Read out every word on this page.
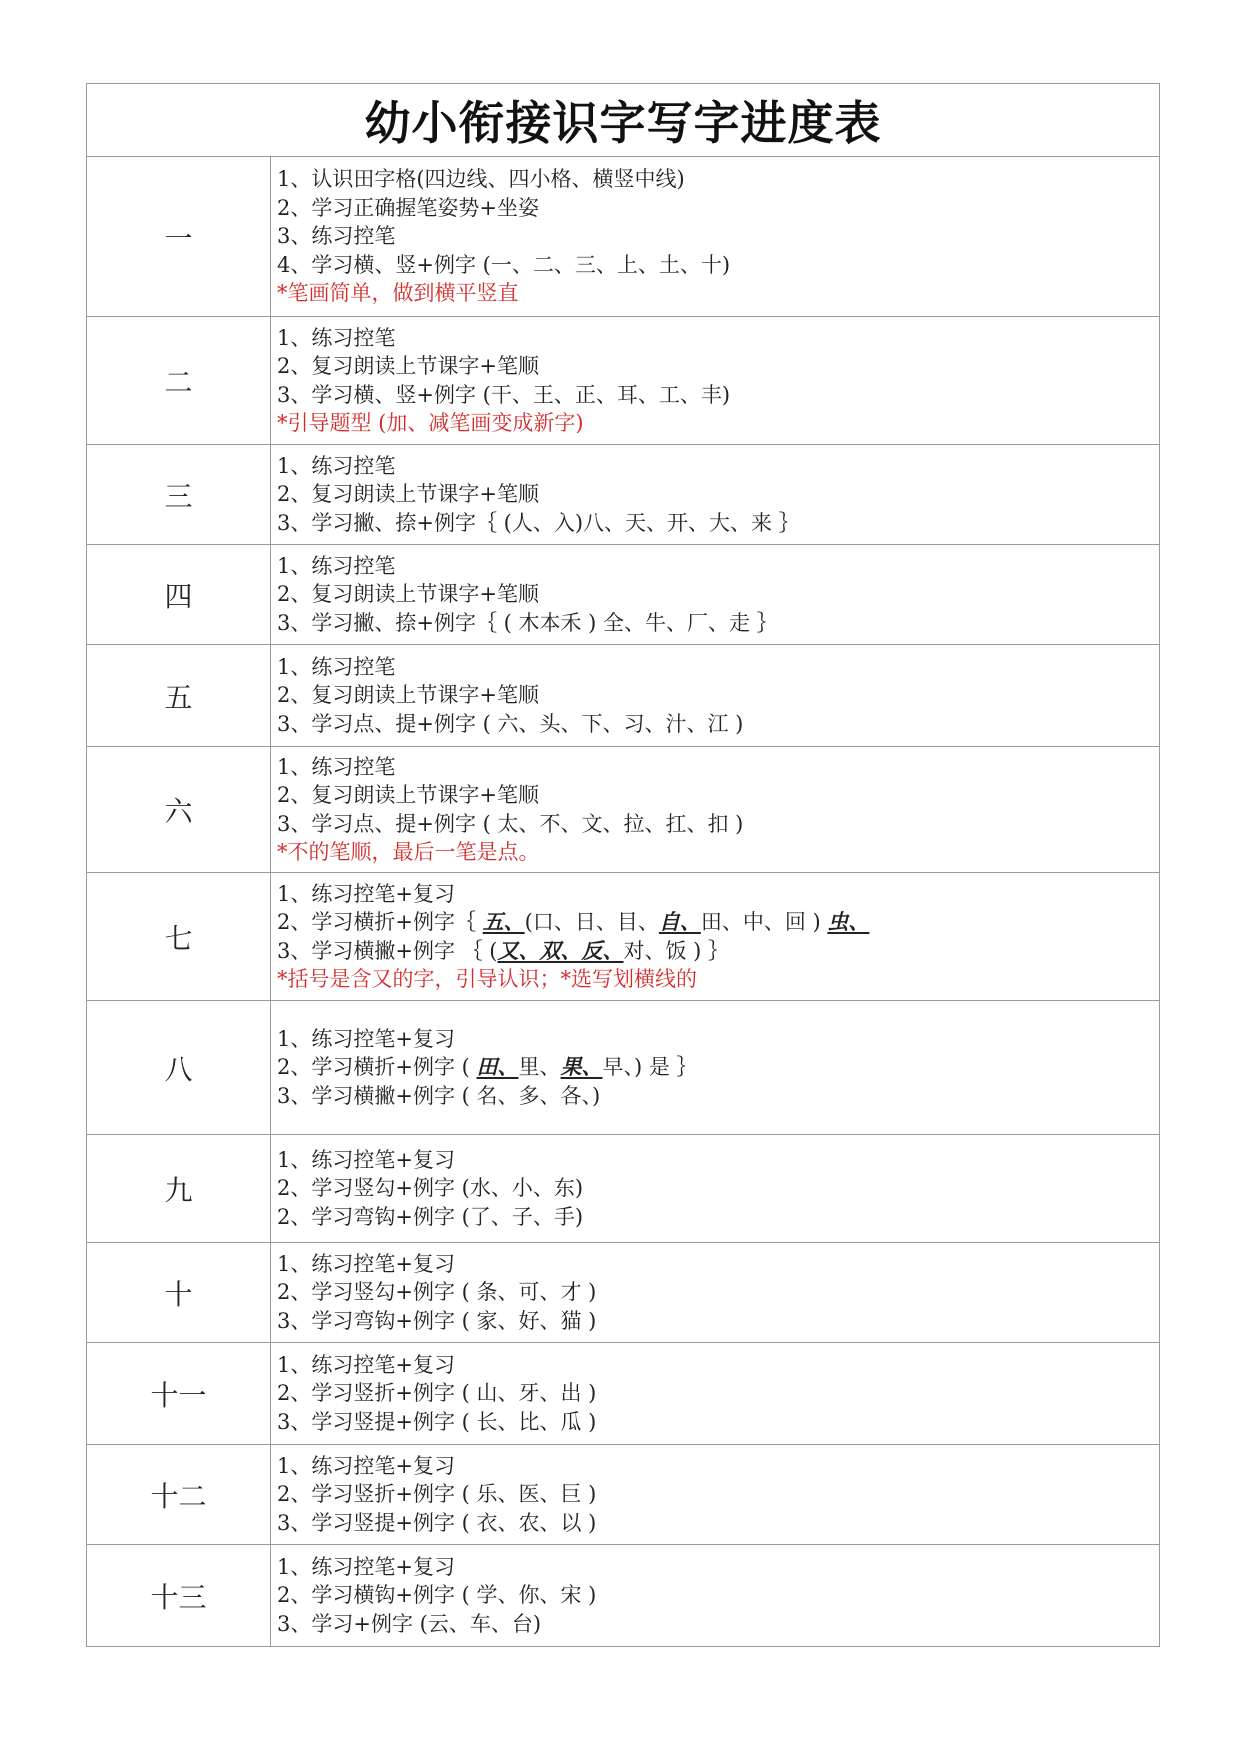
幼小衔接识字写字进度表	
一	1、认识田字格(四边线、四小格、横竖中线)
2、学习正确握笔姿势+坐姿
3、练习控笔
4、学习横、竖+例字 (一、二、三、上、土、十)
*笔画简单，做到横平竖直

二	1、练习控笔
2、复习朗读上节课字+笔顺
3、学习横、竖+例字 (干、王、正、耳、工、丰)
*引导题型 (加、减笔画变成新字)

三	1、练习控笔
2、复习朗读上节课字+笔顺
3、学习撇、捺+例字｛ (人、入)八、天、开、大、来 ｝

四	1、练习控笔
2、复习朗读上节课字+笔顺
3、学习撇、捺+例字｛ ( 木本禾 ) 全、牛、厂、走 ｝

五	1、练习控笔
2、复习朗读上节课字+笔顺
3、学习点、提+例字 ( 六、头、下、习、汁、江 )

六	1、练习控笔
2、复习朗读上节课字+笔顺
3、学习点、提+例字 ( 太、不、文、拉、扛、扣 )
*不的笔顺，最后一笔是点。

七	1、练习控笔+复习
2、学习横折+例字｛ 五、(口、日、目、自、田、中、回 ) 虫、
3、学习横撇+例字 ｛ (又、双、反、对、饭 ) ｝
*括号是含又的字，引导认识；*选写划横线的

八	1、练习控笔+复习
2、学习横折+例字 ( 田、里、果、早、) 是 ｝
3、学习横撇+例字 ( 名、多、各、)

九	1、练习控笔+复习
2、学习竖勾+例字 (水、小、东)
2、学习弯钩+例字 (了、子、手)

十	1、练习控笔+复习
2、学习竖勾+例字 ( 条、可、才 )
3、学习弯钩+例字 ( 家、好、猫 )

十一	1、练习控笔+复习
2、学习竖折+例字 ( 山、牙、出 )
3、学习竖提+例字 ( 长、比、瓜 )

十二	1、练习控笔+复习
2、学习竖折+例字 ( 乐、医、巨 )
3、学习竖提+例字 ( 衣、农、以 )

十三	1、练习控笔+复习
2、学习横钩+例字 ( 学、你、宋 )
3、学习+例字 (云、车、台)
